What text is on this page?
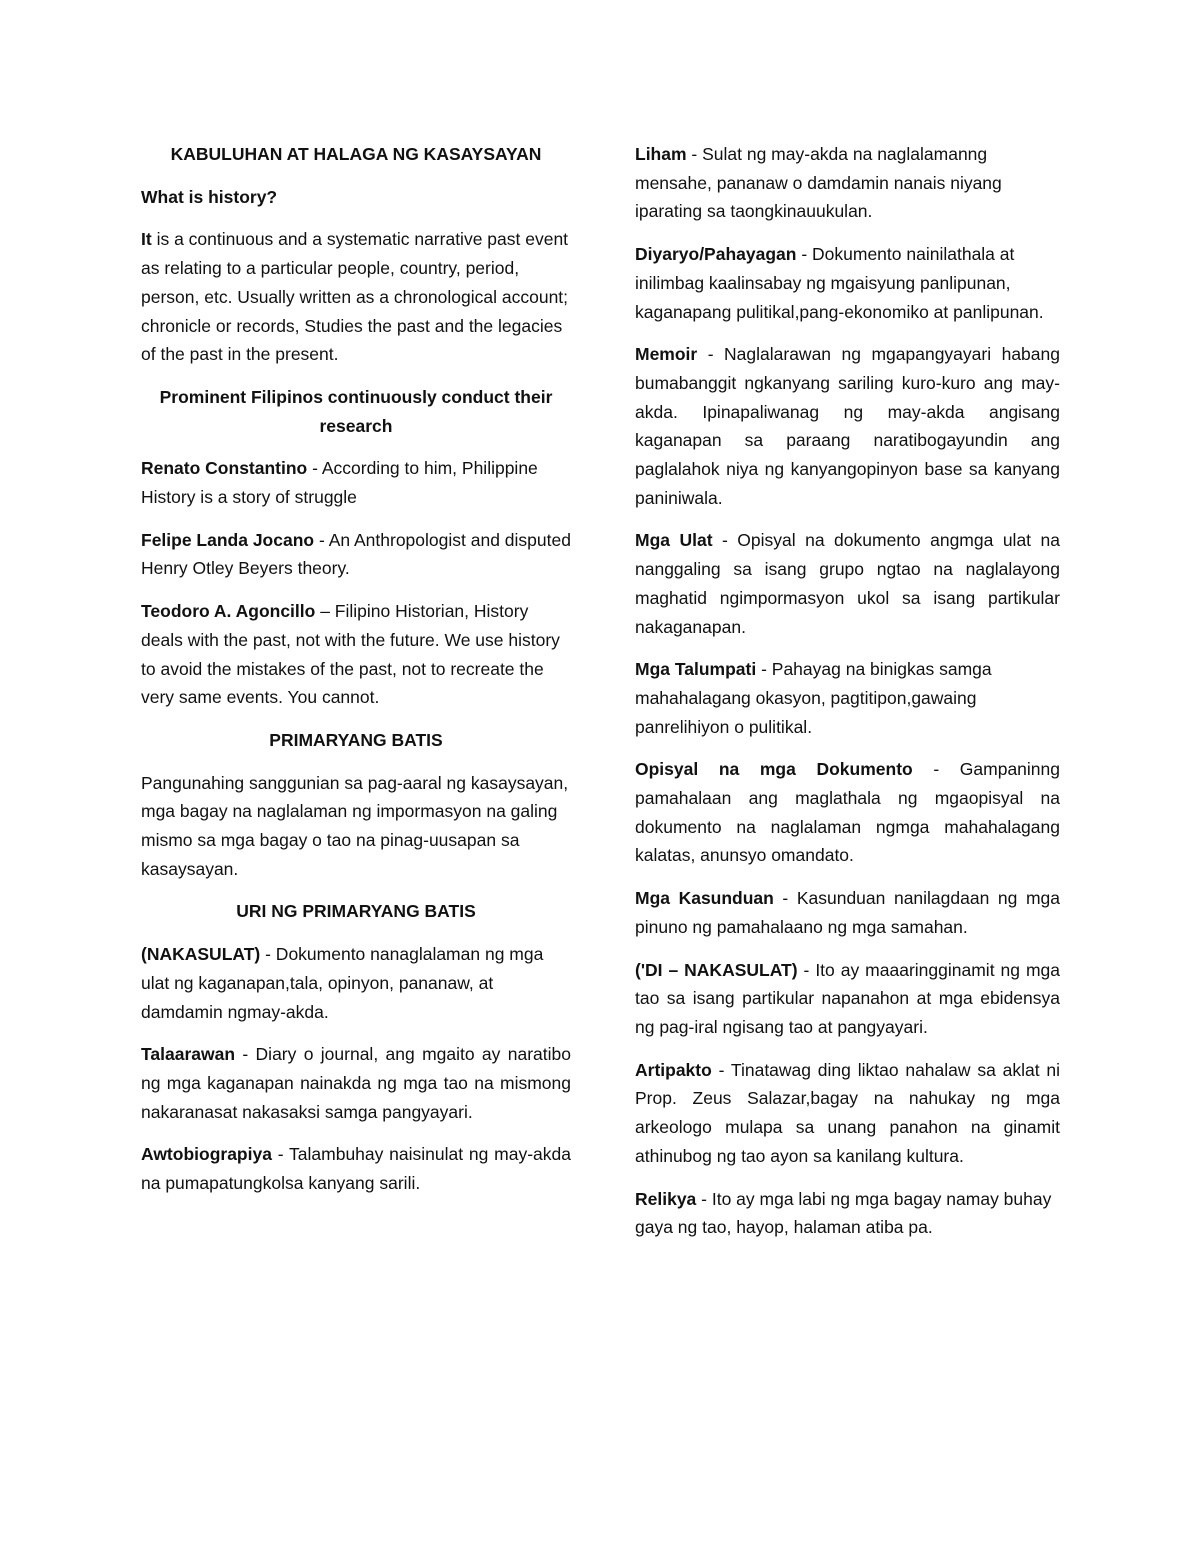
KABULUHAN AT HALAGA NG KASAYSAYAN
What is history?

It is a continuous and a systematic narrative past event as relating to a particular people, country, period, person, etc. Usually written as a chronological account; chronicle or records, Studies the past and the legacies of the past in the present.

Prominent Filipinos continuously conduct their research

Renato Constantino - According to him, Philippine History is a story of struggle

Felipe Landa Jocano - An Anthropologist and disputed Henry Otley Beyers theory.

Teodoro A. Agoncillo – Filipino Historian, History deals with the past, not with the future. We use history to avoid the mistakes of the past, not to recreate the very same events. You cannot.

PRIMARYANG BATIS

Pangunahing sanggunian sa pag-aaral ng kasaysayan, mga bagay na naglalaman ng impormasyon na galing mismo sa mga bagay o tao na pinag-uusapan sa kasaysayan.

URI NG PRIMARYANG BATIS

(NAKASULAT) - Dokumento nanaglalaman ng mga ulat ng kaganapan,tala, opinyon, pananaw, at damdamin ngmay-akda.

Talaarawan - Diary o journal, ang mgaito ay naratibo ng mga kaganapan nainakda ng mga tao na mismong nakaranasat nakasaksi samga pangyayari.

Awtobiograpiya - Talambuhay naisinulat ng may-akda na pumapatungkolsa kanyang sarili.

Liham - Sulat ng may-akda na naglalamanng mensahe, pananaw o damdamin nanais niyang iparating sa taongkinauukulan.

Diyaryo/Pahayagan - Dokumento nainilathala at inilimbag kaalinsabay ng mgaisyung panlipunan, kaganapang pulitikal,pang-ekonomiko at panlipunan.

Memoir - Naglalarawan ng mgapangyayari habang bumabanggit ngkanyang sariling kuro-kuro ang may-akda. Ipinapaliwanag ng may-akda angisang kaganapan sa paraang naratibogayundin ang paglalahok niya ng kanyangopinyon base sa kanyang paniniwala.

Mga Ulat - Opisyal na dokumento angmga ulat na nanggaling sa isang grupo ngtao na naglalayong maghatid ngimpormasyon ukol sa isang partikular nakaganapan.

Mga Talumpati - Pahayag na binigkas samga mahahalagang okasyon, pagtitipon,gawaing panrelihiyon o pulitikal.

Opisyal na mga Dokumento - Gampaninng pamahalaan ang maglathala ng mgaopisyal na dokumento na naglalaman ngmga mahahalagang kalatas, anunsyo omandato.

Mga Kasunduan - Kasunduan nanilagdaan ng mga pinuno ng pamahalaano ng mga samahan.

('DI – NAKASULAT) - Ito ay maaaringginamit ng mga tao sa isang partikular napanahon at mga ebidensya ng pag-iral ngisang tao at pangyayari.

Artipakto - Tinatawag ding liktao nahalaw sa aklat ni Prop. Zeus Salazar,bagay na nahukay ng mga arkeologo mulapa sa unang panahon na ginamit athinubog ng tao ayon sa kanilang kultura.

Relikya - Ito ay mga labi ng mga bagay namay buhay gaya ng tao, hayop, halaman atiba pa.
